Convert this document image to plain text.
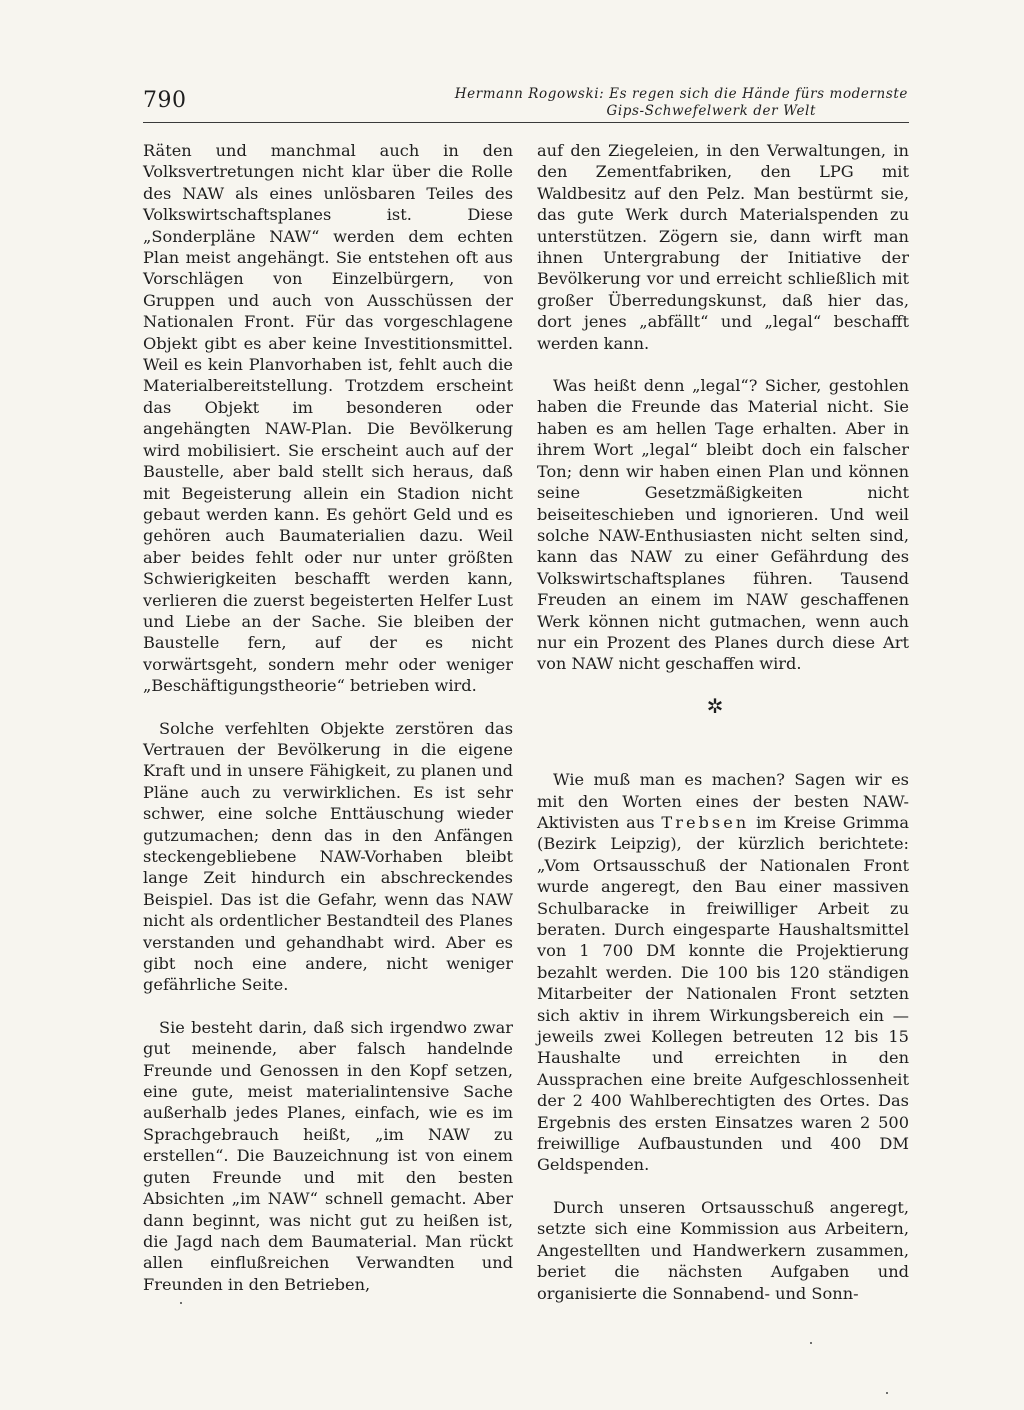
790	Hermann Rogowski: Es regen sich die Hände fürs modernste

Gips-Schwefelwerk der Welt

Räten und manchmal auch in den Volksvertretungen nicht klar über die Rolle des NAW als eines unlösbaren Teiles des Volkswirtschaftsplanes ist. Diese „Sonderpläne NAW“ werden dem echten Plan meist angehängt. Sie entstehen oft aus Vorschlägen von Einzelbürgern, von Gruppen und auch von Ausschüssen der Nationalen Front. Für das vorgeschlagene Objekt gibt es aber keine Investitionsmittel. Weil es kein Planvorhaben ist, fehlt auch die Materialbereitstellung. Trotzdem erscheint das Objekt im besonderen oder angehängten NAW-Plan. Die Bevölkerung wird mobilisiert. Sie erscheint auch auf der Baustelle, aber bald stellt sich heraus, daß mit Begeisterung allein ein Stadion nicht gebaut werden kann. Es gehört Geld und es gehören auch Baumaterialien dazu. Weil aber beides fehlt oder nur unter größten Schwierigkeiten beschafft werden kann, verlieren die zuerst begeisterten Helfer Lust und Liebe an der Sache. Sie bleiben der Baustelle fern, auf der es nicht vorwärtsgeht, sondern mehr oder weniger „Beschäftigungstheorie“ betrieben wird.

Solche verfehlten Objekte zerstören das Vertrauen der Bevölkerung in die eigene Kraft und in unsere Fähigkeit, zu planen und Pläne auch zu verwirklichen. Es ist sehr schwer, eine solche Enttäuschung wieder gutzumachen; denn das in den Anfängen steckengebliebene NAW-Vorhaben bleibt lange Zeit hindurch ein abschreckendes Beispiel. Das ist die Gefahr, wenn das NAW nicht als ordentlicher Bestandteil des Planes verstanden und gehandhabt wird. Aber es gibt noch eine andere, nicht weniger gefährliche Seite.

Sie besteht darin, daß sich irgendwo zwar gut meinende, aber falsch handelnde Freunde und Genossen in den Kopf setzen, eine gute, meist materialintensive Sache außerhalb jedes Planes, einfach, wie es im Sprachgebrauch heißt, „im NAW zu erstellen“. Die Bauzeichnung ist von einem guten Freunde und mit den besten Absichten „im NAW“ schnell gemacht. Aber dann beginnt, was nicht gut zu heißen ist, die Jagd nach dem Baumaterial. Man rückt allen einflußreichen Verwandten und Freunden in den Betrieben,

auf den Ziegeleien, in den Verwaltungen, in den Zementfabriken, den LPG mit Waldbesitz auf den Pelz. Man bestürmt sie, das gute Werk durch Materialspenden zu unterstützen. Zögern sie, dann wirft man ihnen Untergrabung der Initiative der Bevölkerung vor und erreicht schließlich mit großer Überredungskunst, daß hier das, dort jenes „abfällt“ und „legal“ beschafft werden kann.

Was heißt denn „legal“? Sicher, gestohlen haben die Freunde das Material nicht. Sie haben es am hellen Tage erhalten. Aber in ihrem Wort „legal“ bleibt doch ein falscher Ton; denn wir haben einen Plan und können seine Gesetzmäßigkeiten nicht beiseiteschieben und ignorieren. Und weil solche NAW-Enthusiasten nicht selten sind, kann das NAW zu einer Gefährdung des Volkswirtschaftsplanes führen. Tausend Freuden an einem im NAW geschaffenen Werk können nicht gutmachen, wenn auch nur ein Prozent des Planes durch diese Art von NAW nicht geschaffen wird.

✲

Wie muß man es machen? Sagen wir es mit den Worten eines der besten NAW-Aktivisten aus Trebsen im Kreise Grimma (Bezirk Leipzig), der kürzlich berichtete: „Vom Ortsausschuß der Nationalen Front wurde angeregt, den Bau einer massiven Schulbaracke in freiwilliger Arbeit zu beraten. Durch eingesparte Haushaltsmittel von 1 700 DM konnte die Projektierung bezahlt werden. Die 100 bis 120 ständigen Mitarbeiter der Nationalen Front setzten sich aktiv in ihrem Wirkungsbereich ein — jeweils zwei Kollegen betreuten 12 bis 15 Haushalte und erreichten in den Aussprachen eine breite Aufgeschlossenheit der 2 400 Wahlberechtigten des Ortes. Das Ergebnis des ersten Einsatzes waren 2 500 freiwillige Aufbaustunden und 400 DM Geldspenden.

Durch unseren Ortsausschuß angeregt, setzte sich eine Kommission aus Arbeitern, Angestellten und Handwerkern zusammen, beriet die nächsten Aufgaben und organisierte die Sonnabend- und Sonn-
